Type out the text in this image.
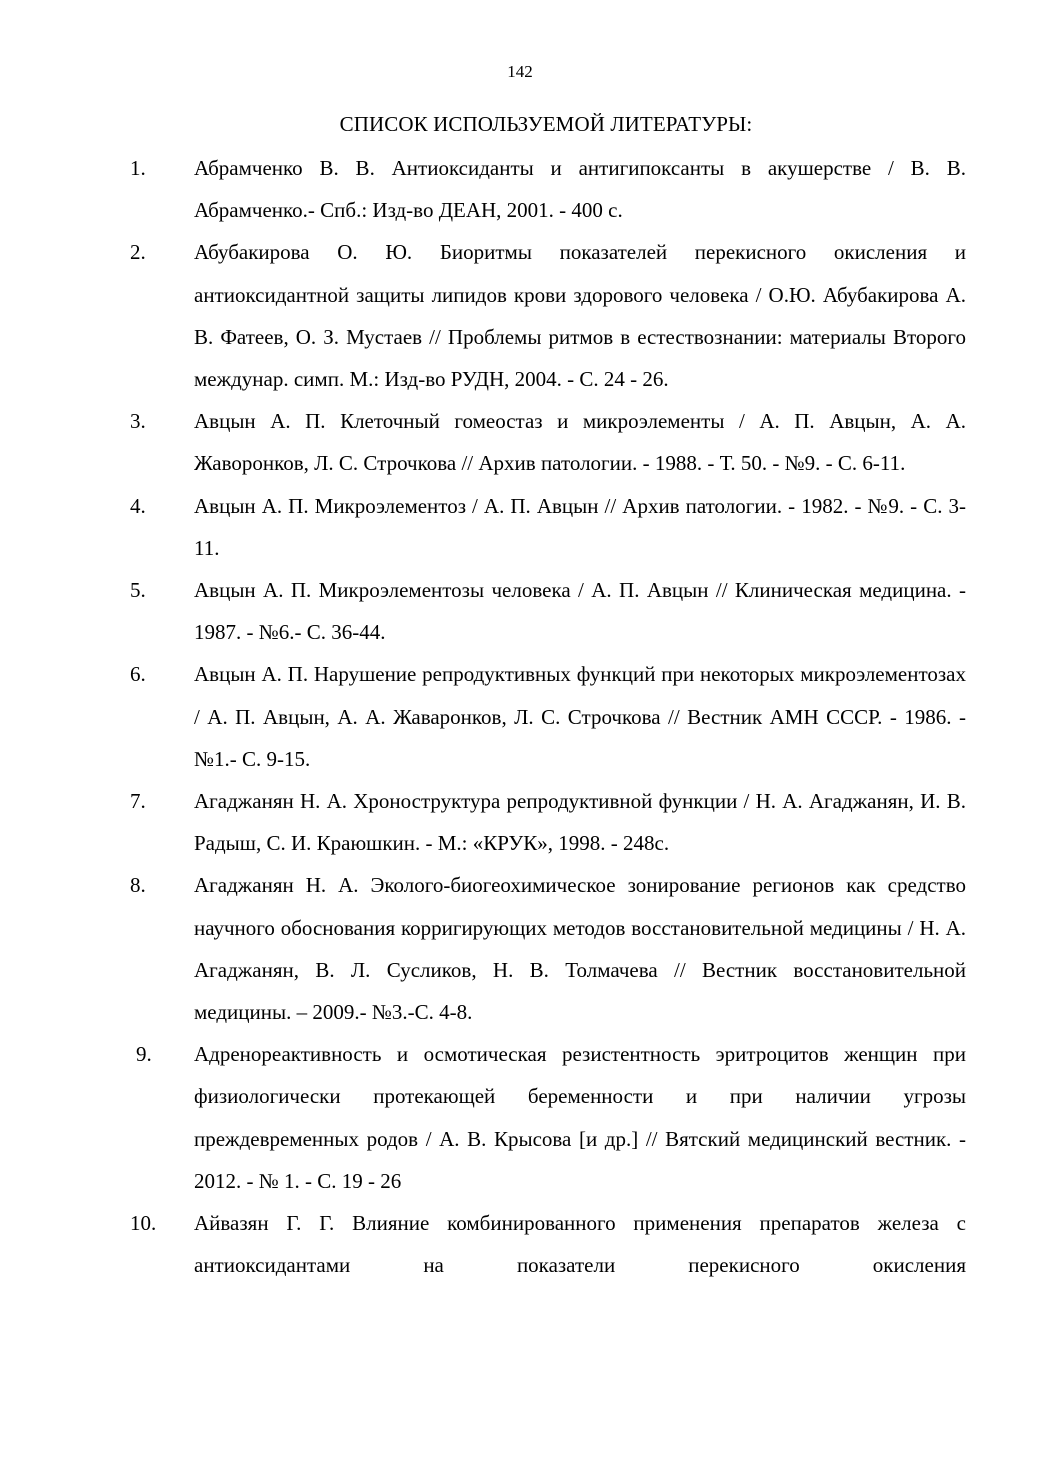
142
СПИСОК ИСПОЛЬЗУЕМОЙ ЛИТЕРАТУРЫ:
1.	Абрамченко В. В. Антиоксиданты и антигипоксанты в акушерстве / В. В. Абрамченко.- Спб.: Изд-во ДЕАН, 2001. - 400 с.
2.	Абубакирова О. Ю. Биоритмы показателей перекисного окисления и антиоксидантной защиты липидов крови здорового человека / О.Ю. Абубакирова А. В. Фатеев, О. З. Мустаев // Проблемы ритмов в естествознании: материалы Второго междунар. симп. М.: Изд-во РУДН, 2004. - С. 24 - 26.
3.	Авцын А. П. Клеточный гомеостаз и микроэлементы / А. П. Авцын, А. А. Жаворонков, Л. С. Строчкова // Архив патологии. - 1988. - Т. 50. - №9. - С. 6-11.
4.	Авцын А. П. Микроэлементоз / А. П. Авцын // Архив патологии. - 1982. - №9. - С. 3-11.
5.	Авцын А. П. Микроэлементозы человека / А. П. Авцын // Клиническая медицина. - 1987. - №6.- С. 36-44.
6.	Авцын А. П. Нарушение репродуктивных функций при некоторых микроэлементозах / А. П. Авцын, А. А. Жаваронков, Л. С. Строчкова // Вестник АМН СССР. - 1986. - №1.- С. 9-15.
7.	Агаджанян Н. А. Хроноструктура репродуктивной функции / Н. А. Агаджанян, И. В. Радыш, С. И. Краюшкин. - М.: «КРУК», 1998. - 248с.
8.	Агаджанян Н. А. Эколого-биогеохимическое зонирование регионов как средство научного обоснования корригирующих методов восстановительной медицины / Н. А. Агаджанян, В. Л. Сусликов, Н. В. Толмачева // Вестник восстановительной медицины. – 2009.- №3.-С. 4-8.
9.	Адренореактивность и осмотическая резистентность эритроцитов женщин при физиологически протекающей беременности и при наличии угрозы преждевременных родов / А. В. Крысова [и др.] // Вятский медицинский вестник. - 2012. - № 1. - С. 19 - 26
10.	Айвазян Г. Г. Влияние комбинированного применения препаратов железа с антиоксидантами на показатели перекисного окисления
